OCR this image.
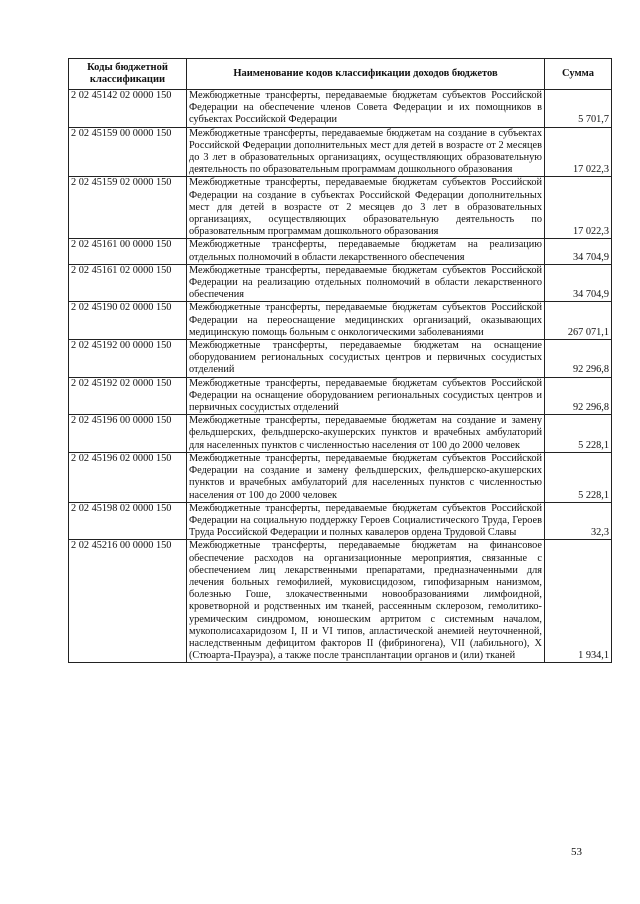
Коды бюджетной классификации	Наименование кодов классификации доходов бюджетов	Сумма
2 02 45142 02 0000 150	Межбюджетные трансферты, передаваемые бюджетам субъектов Российской Федерации на обеспечение членов Совета Федерации и их помощников в субъектах Российской Федерации	5 701,7
2 02 45159 00 0000 150	Межбюджетные трансферты, передаваемые бюджетам на создание в субъектах Российской Федерации дополнительных мест для детей в возрасте от 2 месяцев до 3 лет в образовательных организациях, осуществляющих образовательную деятельность по образовательным программам дошкольного образования	17 022,3
2 02 45159 02 0000 150	Межбюджетные трансферты, передаваемые бюджетам субъектов Российской Федерации на создание в субъектах Российской Федерации дополнительных мест для детей в возрасте от 2 месяцев до 3 лет в образовательных организациях, осуществляющих образовательную деятельность по образовательным программам дошкольного образования	17 022,3
2 02 45161 00 0000 150	Межбюджетные трансферты, передаваемые бюджетам на реализацию отдельных полномочий в области лекарственного обеспечения	34 704,9
2 02 45161 02 0000 150	Межбюджетные трансферты, передаваемые бюджетам субъектов Российской Федерации на реализацию отдельных полномочий в области лекарственного обеспечения	34 704,9
2 02 45190 02 0000 150	Межбюджетные трансферты, передаваемые бюджетам субъектов Российской Федерации на переоснащение медицинских организаций, оказывающих медицинскую помощь больным с онкологическими заболеваниями	267 071,1
2 02 45192 00 0000 150	Межбюджетные трансферты, передаваемые бюджетам на оснащение оборудованием региональных сосудистых центров и первичных сосудистых отделений	92 296,8
2 02 45192 02 0000 150	Межбюджетные трансферты, передаваемые бюджетам субъектов Российской Федерации на оснащение оборудованием региональных сосудистых центров и первичных сосудистых отделений	92 296,8
2 02 45196 00 0000 150	Межбюджетные трансферты, передаваемые бюджетам на создание и замену фельдшерских, фельдшерско-акушерских пунктов и врачебных амбулаторий для населенных пунктов с численностью населения от 100 до 2000 человек	5 228,1
2 02 45196 02 0000 150	Межбюджетные трансферты, передаваемые бюджетам субъектов Российской Федерации на создание и замену фельдшерских, фельдшерско-акушерских пунктов и врачебных амбулаторий для населенных пунктов с численностью населения от 100 до 2000 человек	5 228,1
2 02 45198 02 0000 150	Межбюджетные трансферты, передаваемые бюджетам субъектов Российской Федерации на социальную поддержку Героев Социалистического Труда, Героев Труда Российской Федерации и полных кавалеров ордена Трудовой Славы	32,3
2 02 45216 00 0000 150	Межбюджетные трансферты, передаваемые бюджетам на финансовое обеспечение расходов на организационные мероприятия, связанные с обеспечением лиц лекарственными препаратами, предназначенными для лечения больных гемофилией, муковисцидозом, гипофизарным нанизмом, болезнью Гоше, злокачественными новообразованиями лимфоидной, кроветворной и родственных им тканей, рассеянным склерозом, гемолитико-уремическим синдромом, юношеским артритом с системным началом, мукополисахаридозом I, II и VI типов, апластической анемией неуточненной, наследственным дефицитом факторов II (фибриногена), VII (лабильного), X (Стюарта-Прауэра), а также после трансплантации органов и (или) тканей	1 934,1
53
